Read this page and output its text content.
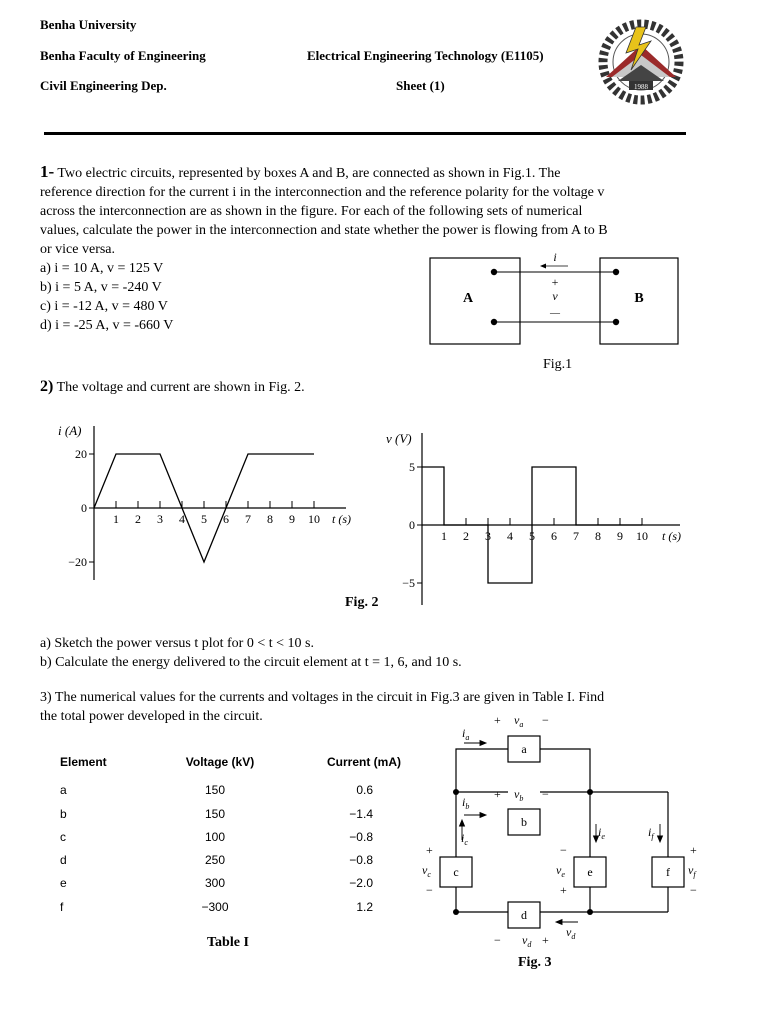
Benha University
Benha Faculty of Engineering
Civil Engineering Dep.
Electrical Engineering Technology (E1105)
Sheet (1)	1988
1- Two electric circuits, represented by boxes A and B, are connected as shown in Fig.1. The
reference direction for the current i in the interconnection and the reference polarity for the voltage v
across the interconnection are as shown in the figure. For each of the following sets of numerical
values, calculate the power in the interconnection and state whether the power is flowing from A to B
or vice versa.
a) i = 10 A, v = 125 V
b) i = 5 A, v = -240 V
c) i = -12 A, v = 480 V
d) i = -25 A, v = -660 V
A	B
i
+
v
—
Fig.1
2) The voltage and current are shown in Fig. 2.
1 2 3 4 5 6 7 8 9 10
20
0
−20
i (A)
t (s)
1 2 3 4 5 6 7 8 9 10
5
0
−5
v (V)
t (s)
Fig. 2
a) Sketch the power versus t plot for 0 < t < 10 s.
b) Calculate the energy delivered to the circuit element at t = 1, 6, and 10 s.
3) The numerical values for the currents and voltages in the circuit in Fig.3 are given in Table I. Find
the total power developed in the circuit.
Element	Voltage (kV)	Current (mA)
a	150	0.6
b	150	−1.4
c	100	−0.8
d	250	−0.8
e	300	−2.0
f	−300	1.2
Table I
a
b
c
d
e	f
$i_a$
$v_a$
$i_b$
$v_b$
$i_c$
$v_c$
$v_d$
$v_d$
$i_e$
$v_e$
$i_f$
$v_f$
+	−
+	−
+
−
−
+
+
−
−	+
Fig. 3
